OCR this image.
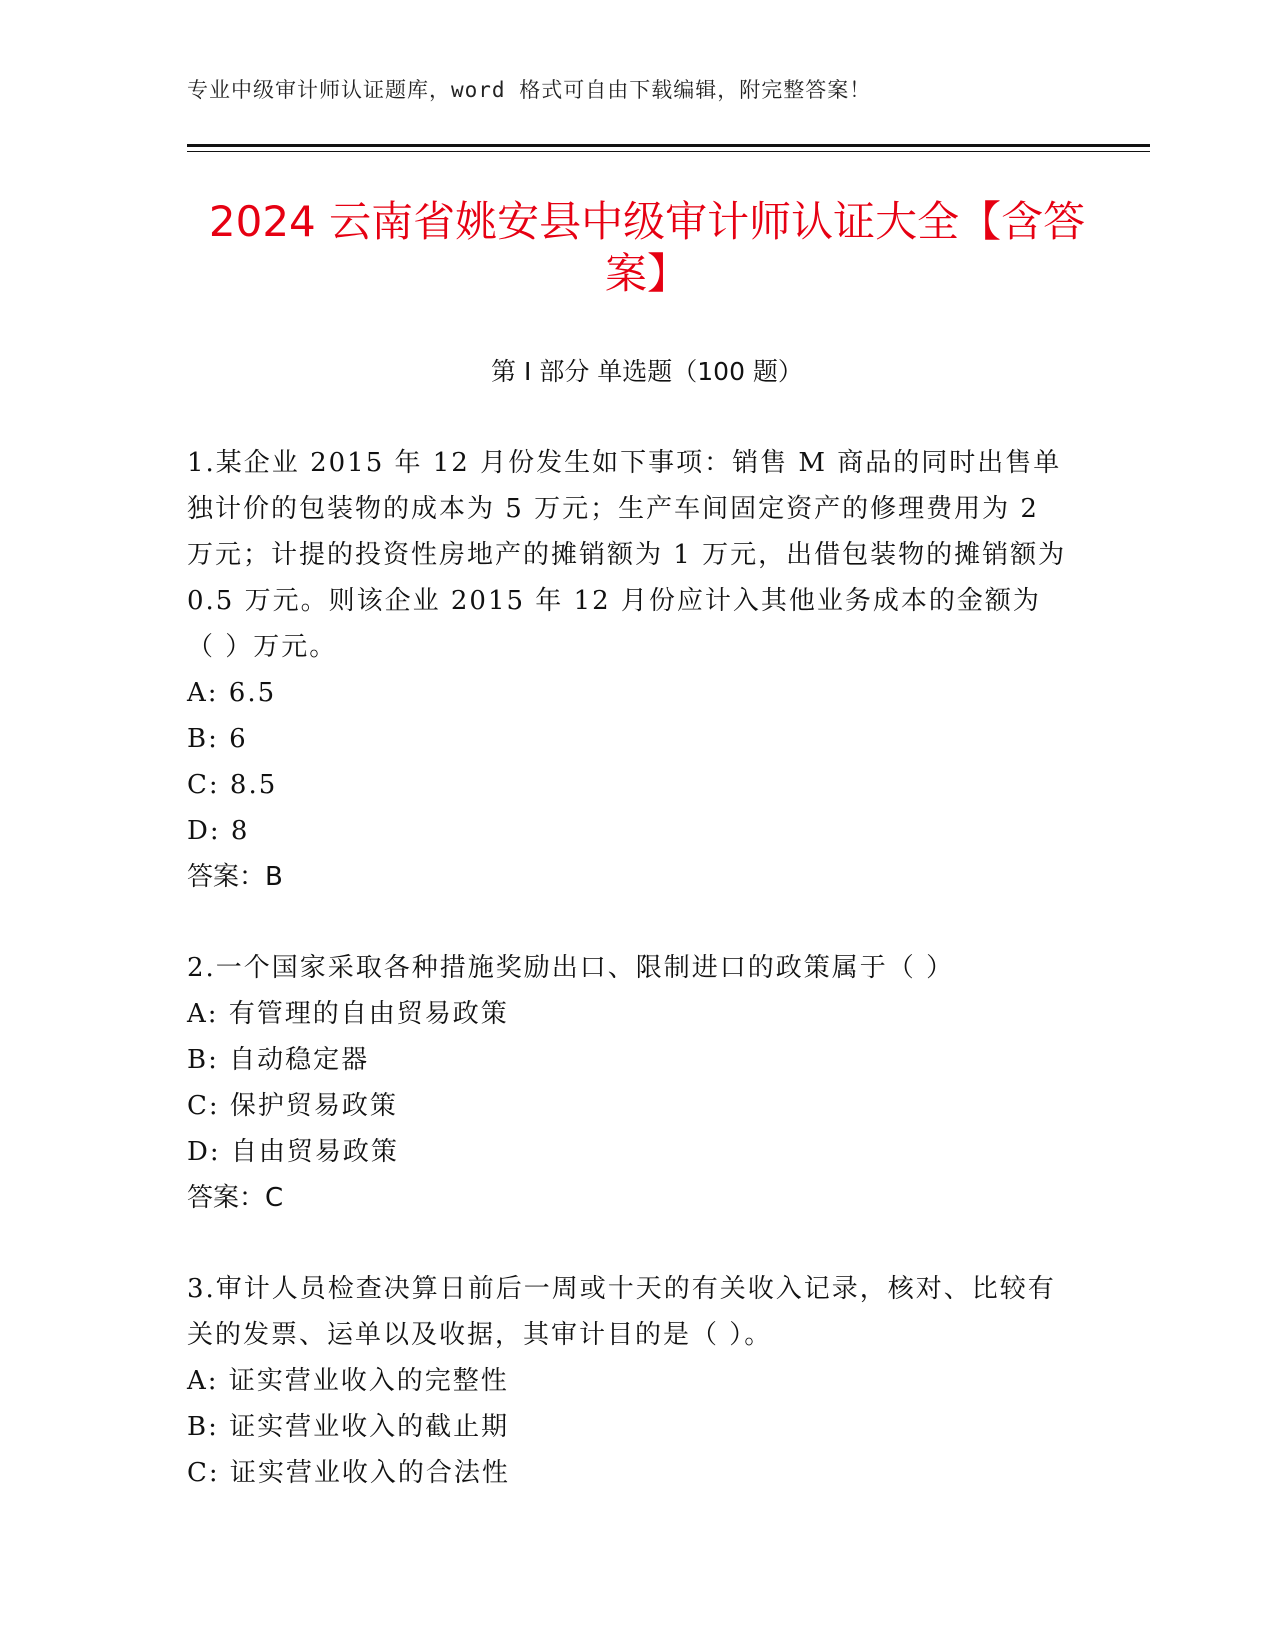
专业中级审计师认证题库，word 格式可自由下载编辑，附完整答案！
2024 云南省姚安县中级审计师认证大全【含答案】
第 I 部分 单选题（100 题）

1.某企业 2015 年 12 月份发生如下事项：销售 M 商品的同时出售单独计价的包装物的成本为 5 万元；生产车间固定资产的修理费用为 2 万元；计提的投资性房地产的摊销额为 1 万元，出借包装物的摊销额为 0.5 万元。则该企业 2015 年 12 月份应计入其他业务成本的金额为（ ）万元。

A: 6.5

B: 6

C: 8.5

D: 8

答案：B

2.一个国家采取各种措施奖励出口、限制进口的政策属于（ ）

A: 有管理的自由贸易政策

B: 自动稳定器

C: 保护贸易政策

D: 自由贸易政策

答案：C

3.审计人员检查决算日前后一周或十天的有关收入记录，核对、比较有关的发票、运单以及收据，其审计目的是（ ）。

A: 证实营业收入的完整性

B: 证实营业收入的截止期

C: 证实营业收入的合法性
